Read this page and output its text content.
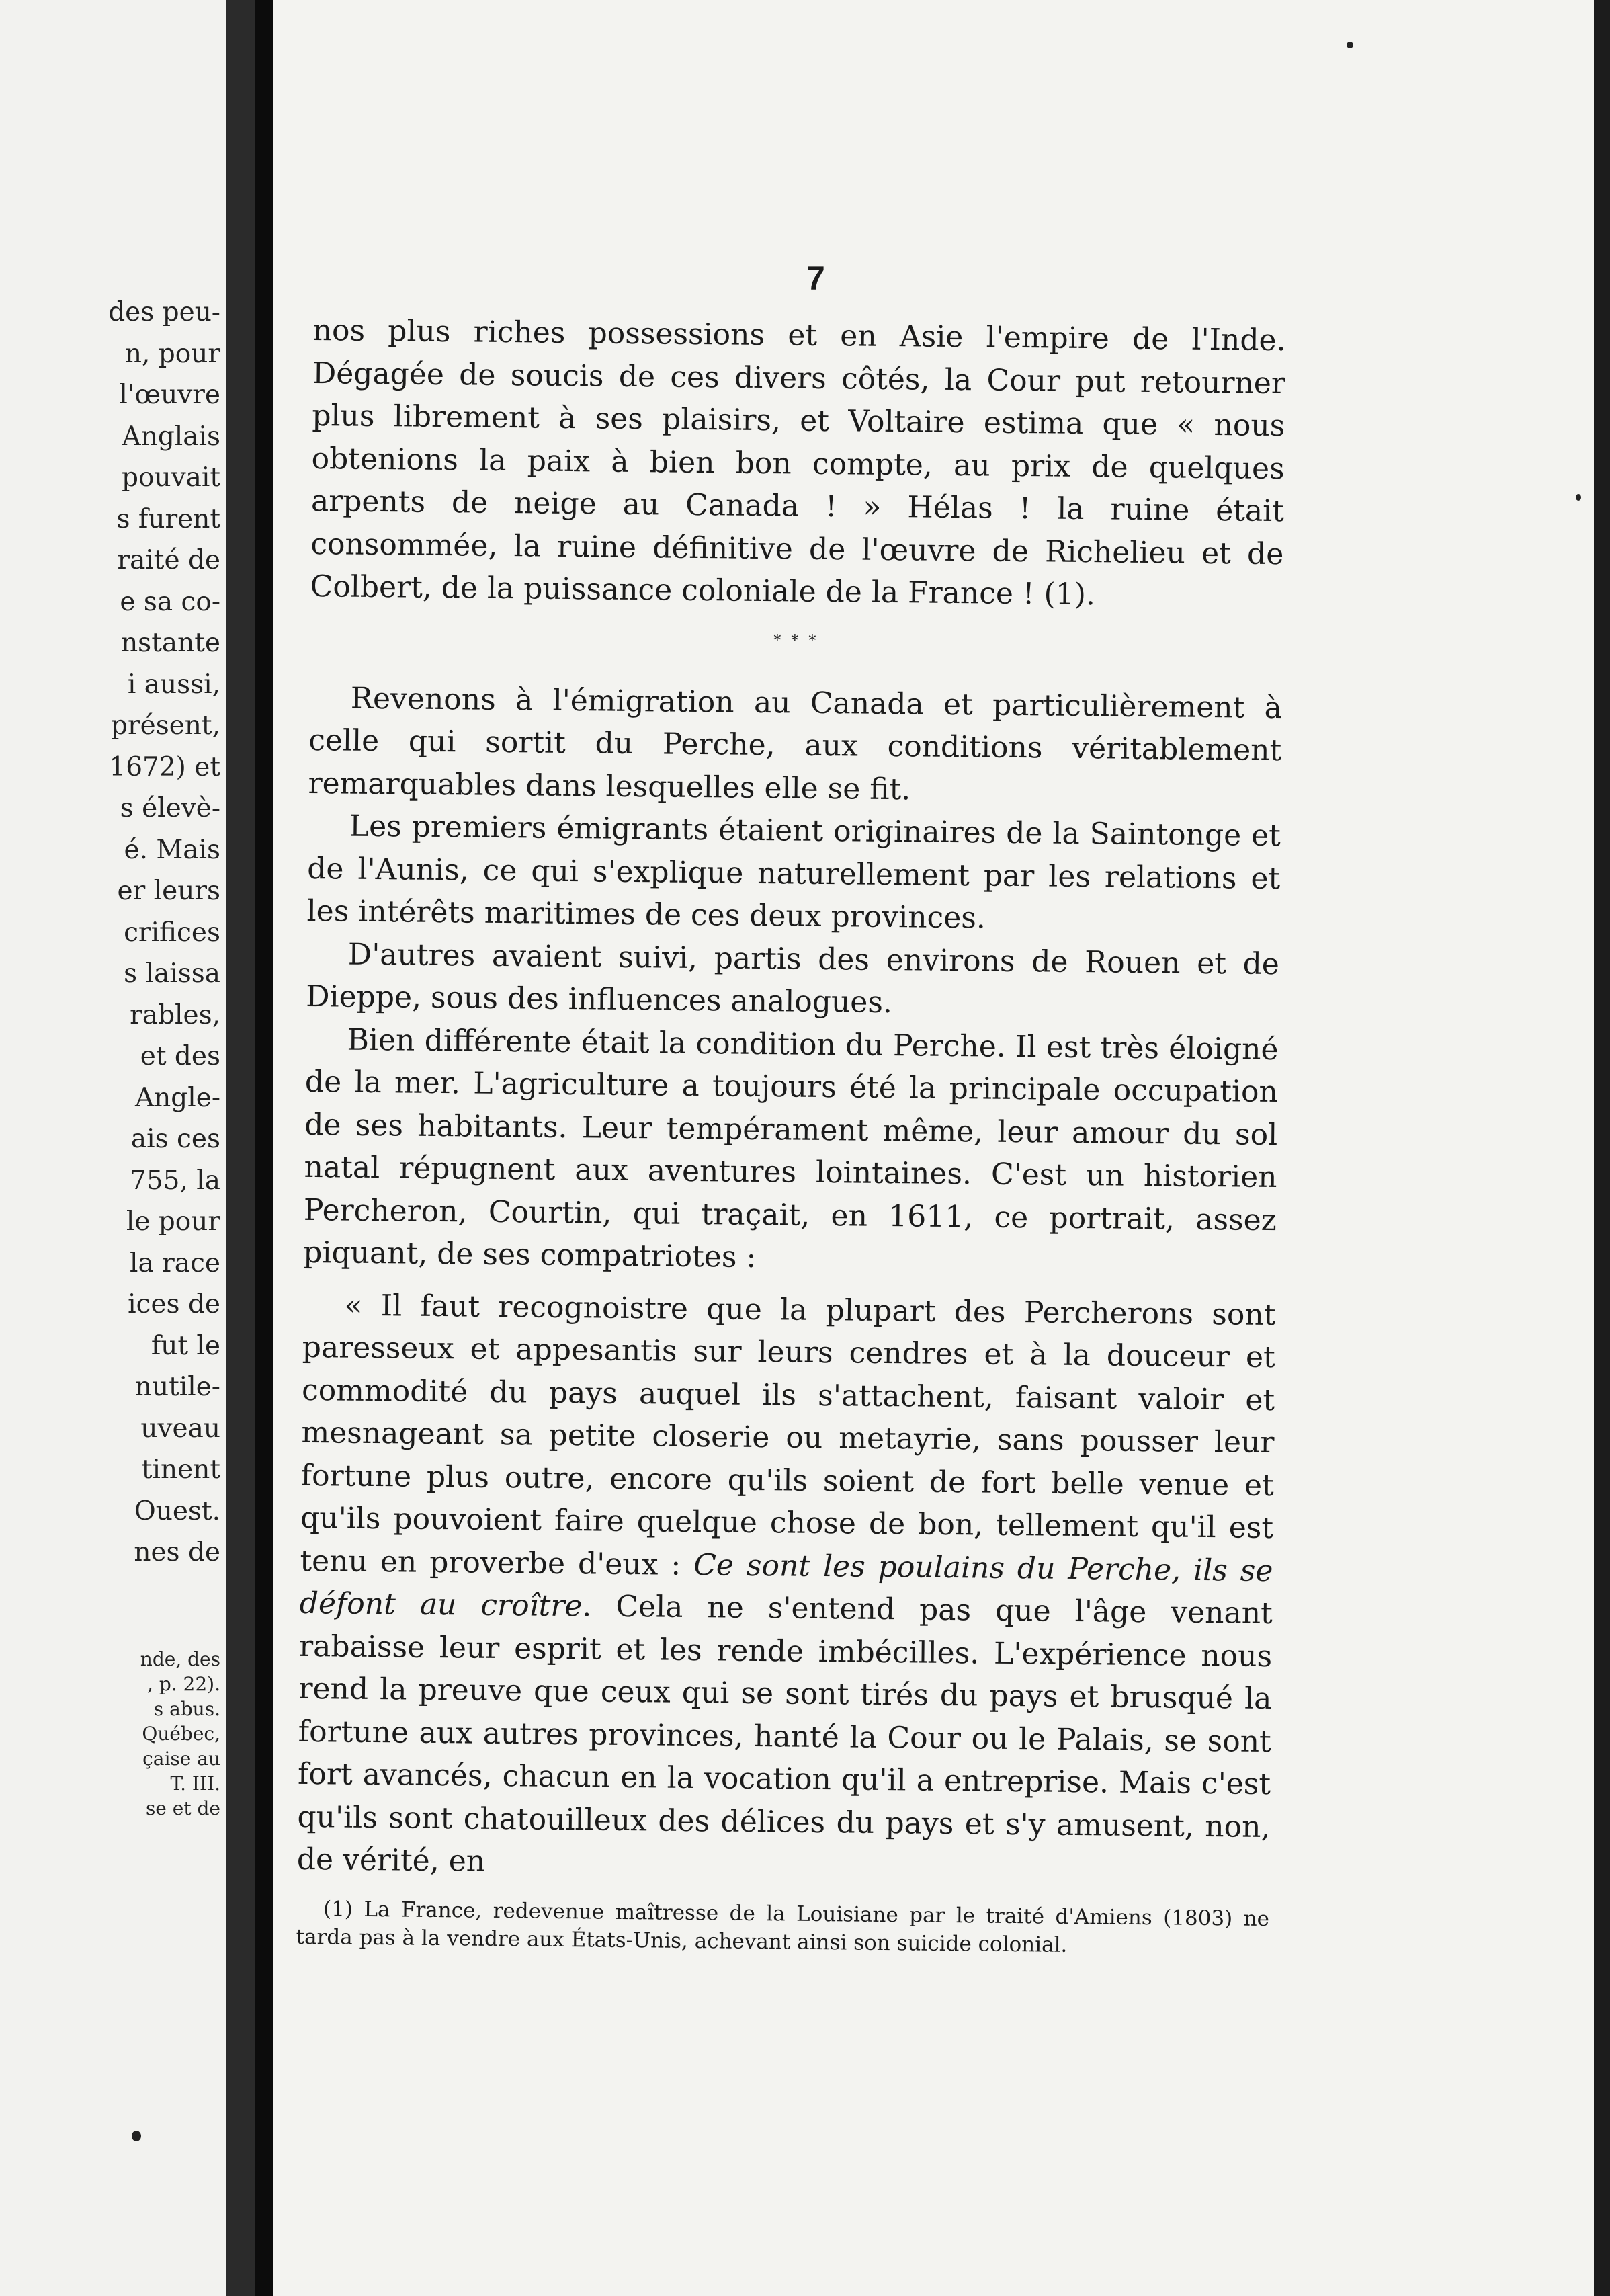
des peu-
n, pour
l'œuvre
Anglais
pouvait
s furent
raité de
e sa co-
nstante
i aussi,
présent,
1672) et
s élevè-
é. Mais
er leurs
crifices
s laissa
rables,
et des
Angle-
ais ces
755, la
le pour
la race
ices de
fut le
nutile-
uveau
tinent
Ouest.
nes de
nde, des
, p. 22).
s abus.
Québec,
çaise au
T. III.
se et de
7

nos plus riches possessions et en Asie l'empire de l'Inde. Dégagée de soucis de ces divers côtés, la Cour put retourner plus librement à ses plaisirs, et Voltaire estima que « nous obtenions la paix à bien bon compte, au prix de quelques arpents de neige au Canada ! » Hélas ! la ruine était consommée, la ruine définitive de l'œuvre de Richelieu et de Colbert, de la puissance coloniale de la France ! (1).

* * *

Revenons à l'émigration au Canada et particulièrement à celle qui sortit du Perche, aux conditions véritablement remarquables dans lesquelles elle se fit.

Les premiers émigrants étaient originaires de la Saintonge et de l'Aunis, ce qui s'explique naturellement par les relations et les intérêts maritimes de ces deux provinces.

D'autres avaient suivi, partis des environs de Rouen et de Dieppe, sous des influences analogues.

Bien différente était la condition du Perche. Il est très éloigné de la mer. L'agriculture a toujours été la principale occupation de ses habitants. Leur tempérament même, leur amour du sol natal répugnent aux aventures lointaines. C'est un historien Percheron, Courtin, qui traçait, en 1611, ce portrait, assez piquant, de ses compatriotes :

« Il faut recognoistre que la plupart des Percherons sont paresseux et appesantis sur leurs cendres et à la douceur et commodité du pays auquel ils s'attachent, faisant valoir et mesnageant sa petite closerie ou metayrie, sans pousser leur fortune plus outre, encore qu'ils soient de fort belle venue et qu'ils pouvoient faire quelque chose de bon, tellement qu'il est tenu en proverbe d'eux : Ce sont les poulains du Perche, ils se défont au croître. Cela ne s'entend pas que l'âge venant rabaisse leur esprit et les rende imbécilles. L'expérience nous rend la preuve que ceux qui se sont tirés du pays et brusqué la fortune aux autres provinces, hanté la Cour ou le Palais, se sont fort avancés, chacun en la vocation qu'il a entreprise. Mais c'est qu'ils sont chatouilleux des délices du pays et s'y amusent, non, de vérité, en

(1) La France, redevenue maîtresse de la Louisiane par le traité d'Amiens (1803) ne tarda pas à la vendre aux États-Unis, achevant ainsi son suicide colonial.
